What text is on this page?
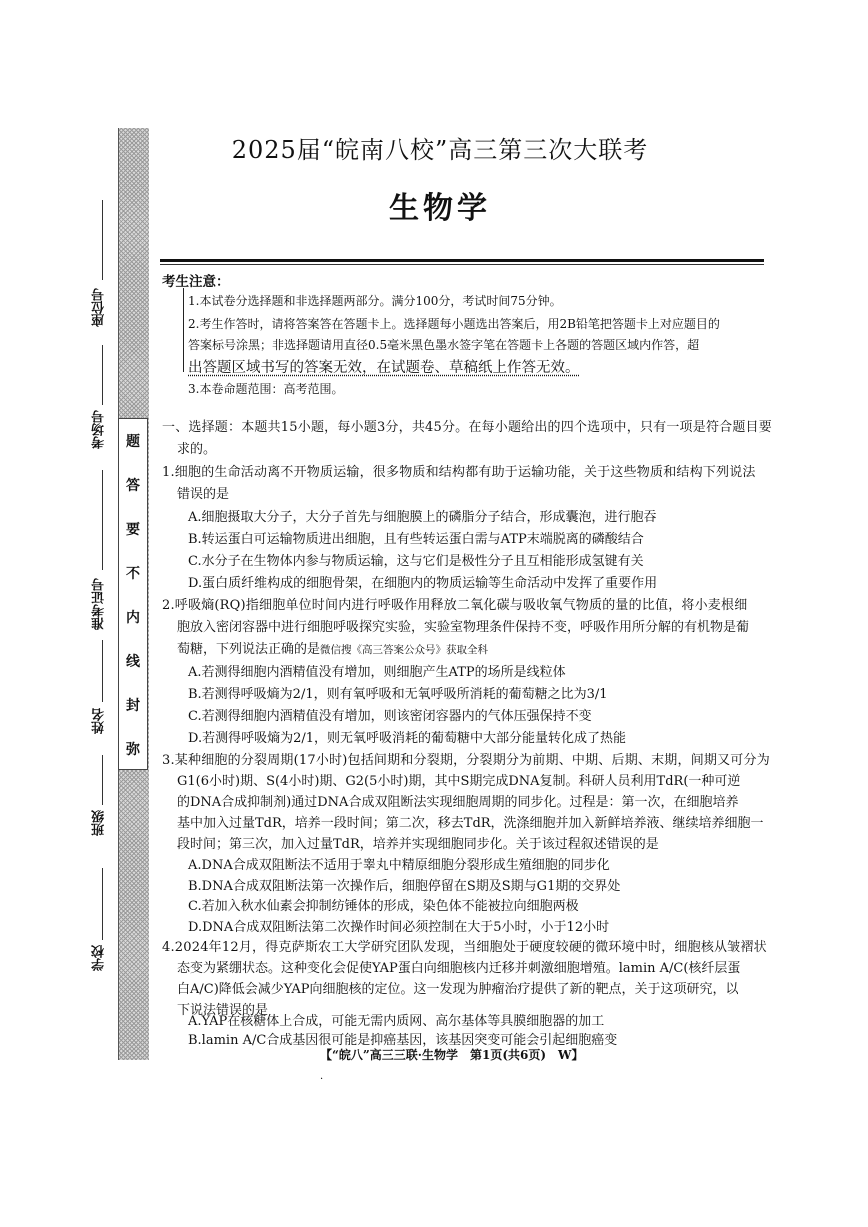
题
答
要
不
内
线
封
弥
座位号
考场号
准考证号
姓名
班级
学校
2025届“皖南八校”高三第三次大联考
生物学
考生注意：
1.本试卷分选择题和非选择题两部分。满分100分，考试时间75分钟。
2.考生作答时，请将答案答在答题卡上。选择题每小题选出答案后，用2B铅笔把答题卡上对应题目的
答案标号涂黑；非选择题请用直径0.5毫米黑色墨水签字笔在答题卡上各题的答题区域内作答，超
出答题区域书写的答案无效，在试题卷、草稿纸上作答无效。
3.本卷命题范围：高考范围。
一、选择题：本题共15小题，每小题3分，共45分。在每小题给出的四个选项中，只有一项是符合题目要
求的。
1.细胞的生命活动离不开物质运输，很多物质和结构都有助于运输功能，关于这些物质和结构下列说法
错误的是
A.细胞摄取大分子，大分子首先与细胞膜上的磷脂分子结合，形成囊泡，进行胞吞
B.转运蛋白可运输物质进出细胞，且有些转运蛋白需与ATP末端脱离的磷酸结合
C.水分子在生物体内参与物质运输，这与它们是极性分子且互相能形成氢键有关
D.蛋白质纤维构成的细胞骨架，在细胞内的物质运输等生命活动中发挥了重要作用
2.呼吸熵(RQ)指细胞单位时间内进行呼吸作用释放二氧化碳与吸收氧气物质的量的比值，将小麦根细
胞放入密闭容器中进行细胞呼吸探究实验，实验室物理条件保持不变，呼吸作用所分解的有机物是葡
萄糖，下列说法正确的是微信搜《高三答案公众号》获取全科
A.若测得细胞内酒精值没有增加，则细胞产生ATP的场所是线粒体
B.若测得呼吸熵为2/1，则有氧呼吸和无氧呼吸所消耗的葡萄糖之比为3/1
C.若测得细胞内酒精值没有增加，则该密闭容器内的气体压强保持不变
D.若测得呼吸熵为2/1，则无氧呼吸消耗的葡萄糖中大部分能量转化成了热能
3.某种细胞的分裂周期(17小时)包括间期和分裂期，分裂期分为前期、中期、后期、末期，间期又可分为
G1(6小时)期、S(4小时)期、G2(5小时)期，其中S期完成DNA复制。科研人员利用TdR(一种可逆
的DNA合成抑制剂)通过DNA合成双阻断法实现细胞周期的同步化。过程是：第一次，在细胞培养
基中加入过量TdR，培养一段时间；第二次，移去TdR，洗涤细胞并加入新鲜培养液、继续培养细胞一
段时间；第三次，加入过量TdR，培养并实现细胞同步化。关于该过程叙述错误的是
A.DNA合成双阻断法不适用于睾丸中精原细胞分裂形成生殖细胞的同步化
B.DNA合成双阻断法第一次操作后，细胞停留在S期及S期与G1期的交界处
C.若加入秋水仙素会抑制纺锤体的形成，染色体不能被拉向细胞两极
D.DNA合成双阻断法第二次操作时间必须控制在大于5小时，小于12小时
4.2024年12月，得克萨斯农工大学研究团队发现，当细胞处于硬度较硬的微环境中时，细胞核从皱褶状
态变为紧绷状态。这种变化会促使YAP蛋白向细胞核内迁移并刺激细胞增殖。lamin A/C(核纤层蛋
白A/C)降低会减少YAP向细胞核的定位。这一发现为肿瘤治疗提供了新的靶点，关于这项研究，以
下说法错误的是
【“皖八”高三三联·生物学　第1页(共6页)　W】
·
A.YAP在核糖体上合成，可能无需内质网、高尔基体等具膜细胞器的加工
B.lamin A/C合成基因很可能是抑癌基因，该基因突变可能会引起细胞癌变
